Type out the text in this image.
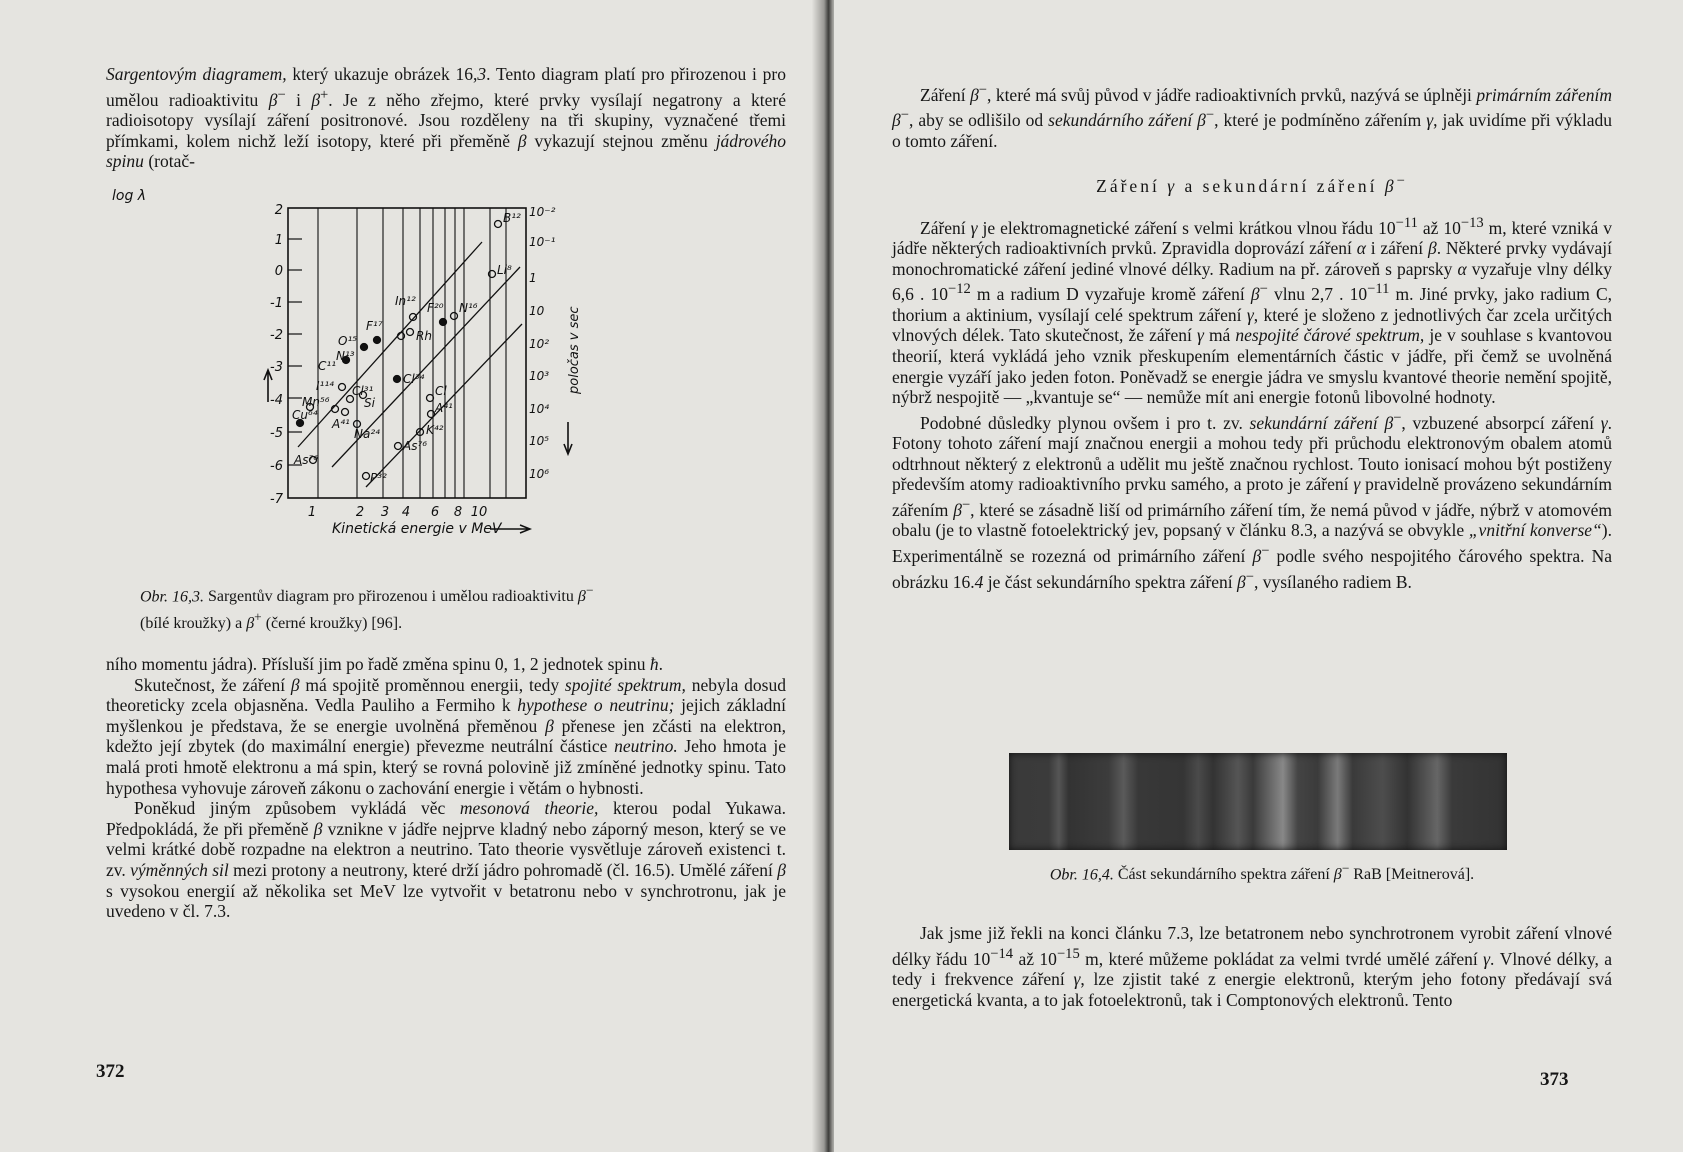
Sargentovým diagramem, který ukazuje obrázek 16,3. Tento diagram platí pro přirozenou i pro umělou radioaktivitu β− i β+. Je z něho zřejmo, které prvky vysílají negatrony a které radioisotopy vysílají záření positronové. Jsou rozděleny na tři skupiny, vyznačené třemi přímkami, kolem nichž leží isotopy, které při přeměně β vykazují stejnou změnu jádrového spinu (rotač-

2
1
0
-1
-2
-3
-4
-5
-6
-7
10⁻²
10⁻¹
1
10
10²
10³
10⁴
10⁵
10⁶
log λ
poločas v sec
1	2 3 4 6 8 10
Kinetická energie v MeV
B¹²
Li⁸
In¹² F²⁰ N¹⁶
F¹⁷
O¹⁵
N¹³
Rh
C¹¹
Cl³⁴
I¹¹⁴ Cl³¹
Si
Cl
Mn⁵⁶
Cu⁶⁴
A⁴¹
A⁴¹
K⁴²
Na²⁴
As⁷⁶
As⁷⁶
P³²
Obr. 16,3. Sargentův diagram pro přirozenou i umělou radioaktivitu β−
(bílé kroužky) a β+ (černé kroužky) [96].

ního momentu jádra). Přísluší jim po řadě změna spinu 0, 1, 2 jednotek spinu ħ.

Skutečnost, že záření β má spojitě proměnnou energii, tedy spojité spektrum, nebyla dosud theoreticky zcela objasněna. Vedla Pauliho a Fermiho k hypothese o neutrinu; jejich základní myšlenkou je představa, že se energie uvolněná přeměnou β přenese jen zčásti na elektron, kdežto její zbytek (do maximální energie) převezme neutrální částice neutrino. Jeho hmota je malá proti hmotě elektronu a má spin, který se rovná polovině již zmíněné jednotky spinu. Tato hypothesa vyhovuje zároveň zákonu o zachování energie i větám o hybnosti.

Poněkud jiným způsobem vykládá věc mesonová theorie, kterou podal Yukawa. Předpokládá, že při přeměně β vznikne v jádře nejprve kladný nebo záporný meson, který se ve velmi krátké době rozpadne na elektron a neutrino. Tato theorie vysvětluje zároveň existenci t. zv. výměnných sil mezi protony a neutrony, které drží jádro pohromadě (čl. 16.5). Umělé záření β s vysokou energií až několika set MeV lze vytvořit v betatronu nebo v synchrotronu, jak je uvedeno v čl. 7.3.

372

Záření β−, které má svůj původ v jádře radioaktivních prvků, nazývá se úplněji primárním zářením β−, aby se odlišilo od sekundárního záření β−, které je podmíněno zářením γ, jak uvidíme při výkladu o tomto záření.

Záření γ a sekundární záření β−

Záření γ je elektromagnetické záření s velmi krátkou vlnou řádu $10^{-11}$ až $10^{-13}$ m, které vzniká v jádře některých radioaktivních prvků. Zpravidla doprovází záření α i záření β. Některé prvky vydávají monochromatické záření jediné vlnové délky. Radium na př. zároveň s paprsky α vyzařuje vlny délky 6,6 . $10^{-12}$ m a radium D vyzařuje kromě záření β− vlnu 2,7 . $10^{-11}$ m. Jiné prvky, jako radium C, thorium a aktinium, vysílají celé spektrum záření γ, které je složeno z jednotlivých čar zcela určitých vlnových délek. Tato skutečnost, že záření γ má nespojité čárové spektrum, je v souhlase s kvantovou theorií, která vykládá jeho vznik přeskupením elementárních částic v jádře, při čemž se uvolněná energie vyzáří jako jeden foton. Poněvadž se energie jádra ve smyslu kvantové theorie nemění spojitě, nýbrž nespojitě — „kvantuje se“ — nemůže mít ani energie fotonů libovolné hodnoty.

Podobné důsledky plynou ovšem i pro t. zv. sekundární záření β−, vzbuzené absorpcí záření γ. Fotony tohoto záření mají značnou energii a mohou tedy při průchodu elektronovým obalem atomů odtrhnout některý z elektronů a udělit mu ještě značnou rychlost. Touto ionisací mohou být postiženy především atomy radioaktivního prvku samého, a proto je záření γ pravidelně provázeno sekundárním zářením β−, které se zásadně liší od primárního záření tím, že nemá původ v jádře, nýbrž v atomovém obalu (je to vlastně fotoelektrický jev, popsaný v článku 8.3, a nazývá se obvykle „vnitřní konverse“). Experimentálně se rozezná od primárního záření β− podle svého nespojitého čárového spektra. Na obrázku 16.4 je část sekundárního spektra záření β−, vysílaného radiem B.

Obr. 16,4. Část sekundárního spektra záření β− RaB [Meitnerová].

Jak jsme již řekli na konci článku 7.3, lze betatronem nebo synchrotronem vyrobit záření vlnové délky řádu $10^{-14}$ až $10^{-15}$ m, které můžeme pokládat za velmi tvrdé umělé záření γ. Vlnové délky, a tedy i frekvence záření γ, lze zjistit také z energie elektronů, kterým jeho fotony předávají svá energetická kvanta, a to jak fotoelektronů, tak i Comptonových elektronů. Tento

373
